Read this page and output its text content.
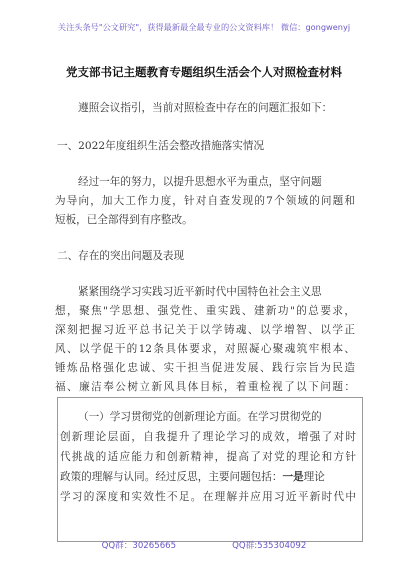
关注头条号"公文研究"，获得最新最全最专业的公文资料库！ 微信：gongwenyj
党支部书记主题教育专题组织生活会个人对照检查材料
遵照会议指引，当前对照检查中存在的问题汇报如下：
一、2022年度组织生活会整改措施落实情况
经过一年的努力，以提升思想水平为重点，坚守问题
为导向，加大工作力度，针对自查发现的7个领域的问题和
短板，已全部得到有序整改。
二、存在的突出问题及表现
紧紧围绕学习实践习近平新时代中国特色社会主义思
想，聚焦"学思想、强党性、重实践、建新功"的总要求，
深刻把握习近平总书记关于以学铸魂、以学增智、以学正
风、以学促干的12条具体要求，对照凝心聚魂筑牢根本、
锤炼品格强化忠诚、实干担当促进发展、践行宗旨为民造
福、廉洁奉公树立新风具体目标，着重检视了以下问题：
（一）学习贯彻党的创新理论方面。在学习贯彻党的
创新理论层面，自我提升了理论学习的成效，增强了对时
代挑战的适应能力和创新精神，提高了对党的理论和方针
政策的理解与认同。经过反思，主要问题包括：一是理论
学习的深度和实效性不足。在理解并应用习近平新时代中
QQ群：30265665	QQ群:535304092
